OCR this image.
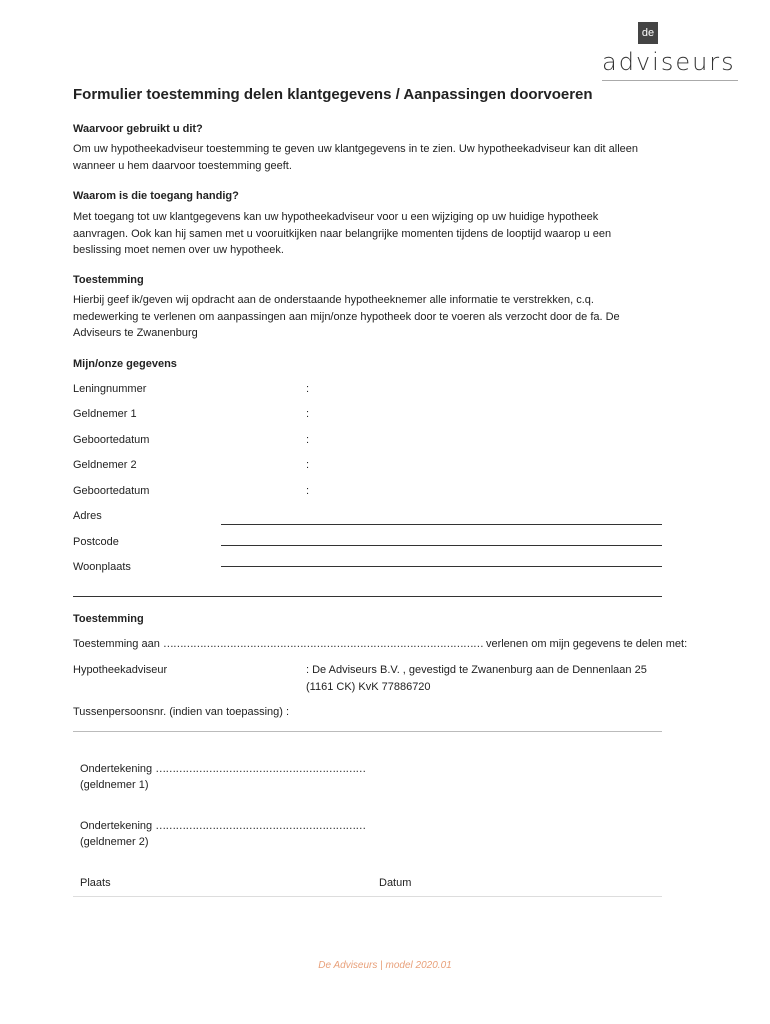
de
adviseurs
Formulier toestemming delen klantgegevens / Aanpassingen doorvoeren
Waarvoor gebruikt u dit?
Om uw hypotheekadviseur toestemming te geven uw klantgegevens in te zien. Uw hypotheekadviseur kan dit alleen
wanneer u hem daarvoor toestemming geeft.
Waarom is die toegang handig?
Met toegang tot uw klantgegevens kan uw hypotheekadviseur voor u een wijziging op uw huidige hypotheek
aanvragen. Ook kan hij samen met u vooruitkijken naar belangrijke momenten tijdens de looptijd waarop u een
beslissing moet nemen over uw hypotheek.
Toestemming
Hierbij geef ik/geven wij opdracht aan de onderstaande hypotheeknemer alle informatie te verstrekken, c.q.
medewerking te verlenen om aanpassingen aan mijn/onze hypotheek door te voeren als verzocht door de fa. De
Adviseurs te Zwanenburg
Mijn/onze gegevens
Leningnummer	:
Geldnemer 1	:
Geboortedatum	:
Geldnemer 2	:
Geboortedatum	:
Adres
Postcode
Woonplaats
Toestemming
Toestemming aan …………………………………………………………………………………… verlenen om mijn gegevens te delen met:
Hypotheekadviseur	: De Adviseurs B.V. , gevestigd te Zwanenburg aan de Dennenlaan 25
(1161 CK) KvK 77886720
Tussenpersoonsnr. (indien van toepassing) :
Ondertekening ………………………………………………………
(geldnemer 1)
Ondertekening ………………………………………………………
(geldnemer 2)
Plaats	Datum
De Adviseurs | model 2020.01
